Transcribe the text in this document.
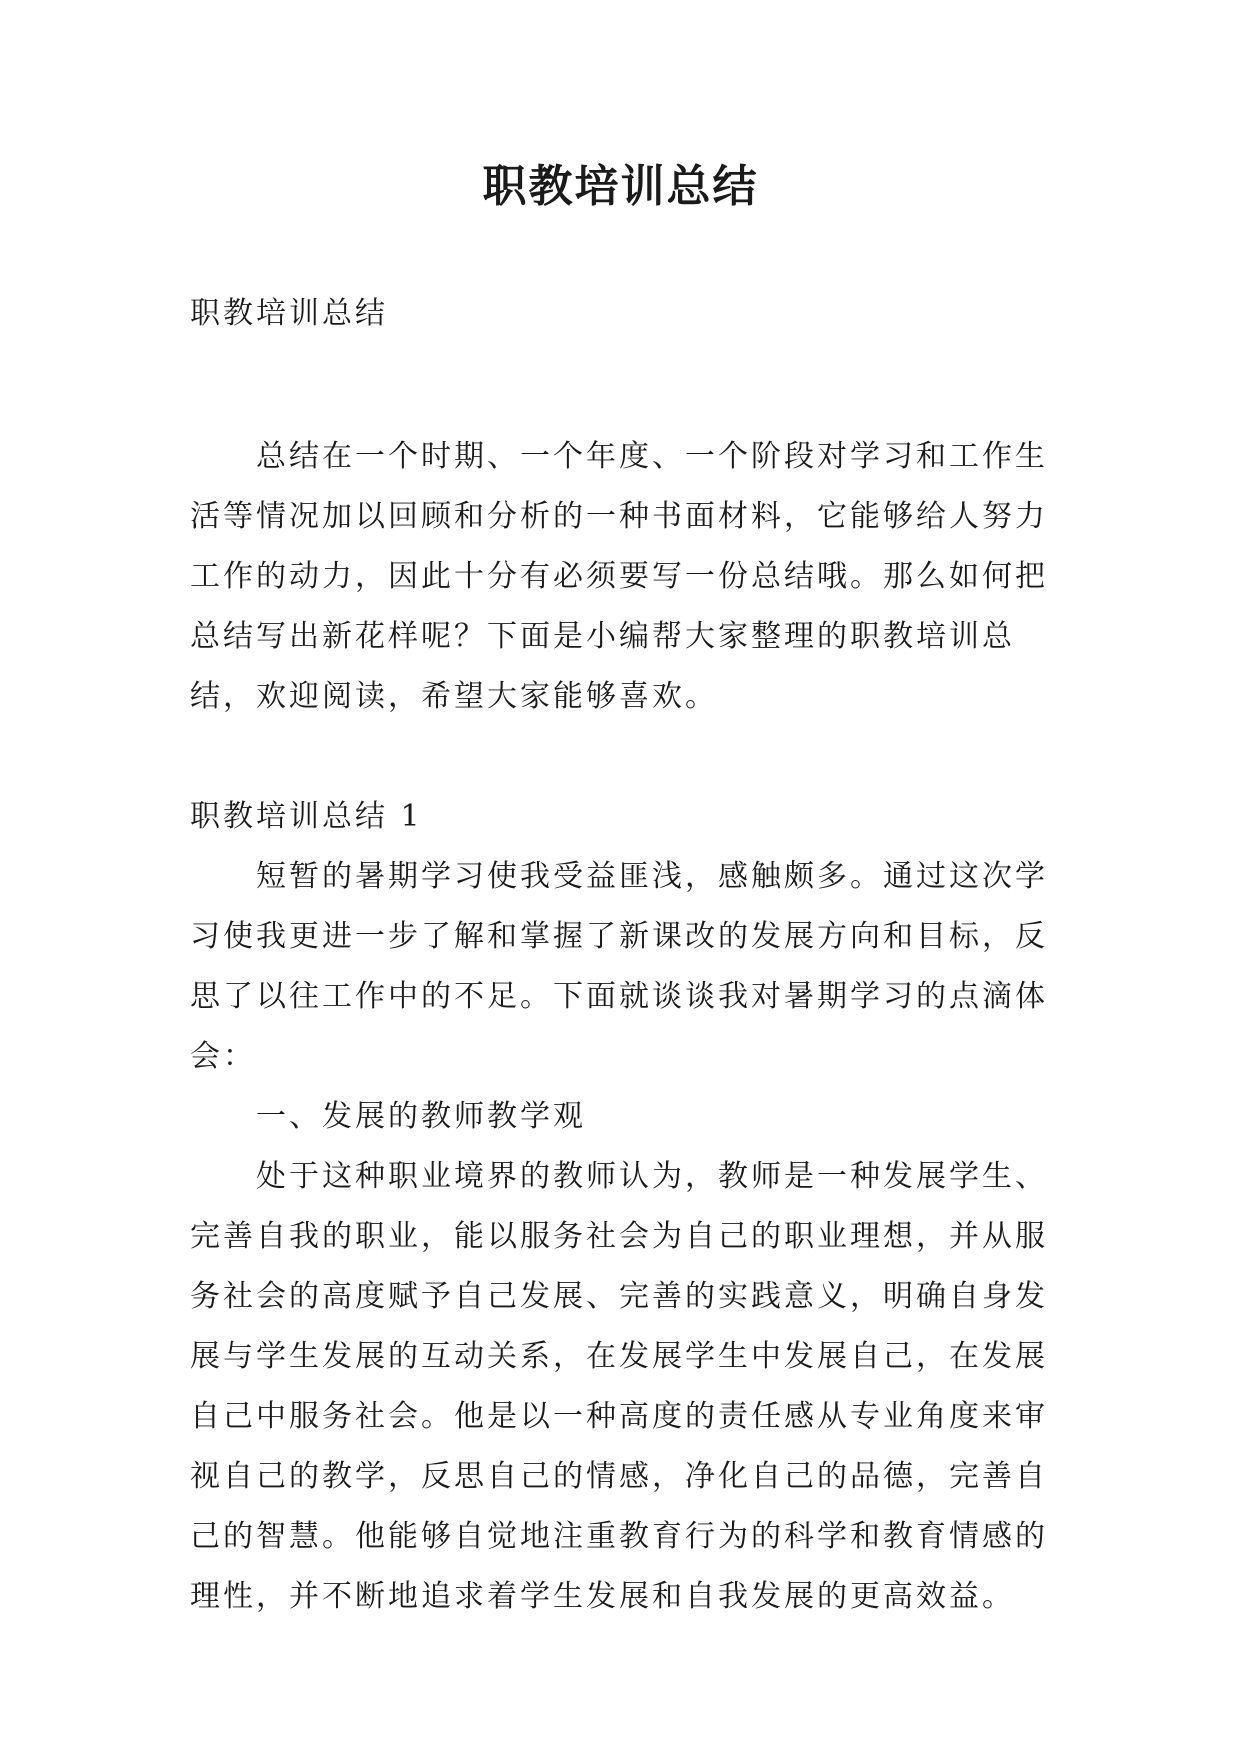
职教培训总结
职教培训总结
总结在一个时期、一个年度、一个阶段对学习和工作生
活等情况加以回顾和分析的一种书面材料，它能够给人努力
工作的动力，因此十分有必须要写一份总结哦。那么如何把
总结写出新花样呢？下面是小编帮大家整理的职教培训总
结，欢迎阅读，希望大家能够喜欢。
职教培训总结 1
短暂的暑期学习使我受益匪浅，感触颇多。通过这次学
习使我更进一步了解和掌握了新课改的发展方向和目标，反
思了以往工作中的不足。下面就谈谈我对暑期学习的点滴体
会：
一、发展的教师教学观
处于这种职业境界的教师认为，教师是一种发展学生、
完善自我的职业，能以服务社会为自己的职业理想，并从服
务社会的高度赋予自己发展、完善的实践意义，明确自身发
展与学生发展的互动关系，在发展学生中发展自己，在发展
自己中服务社会。他是以一种高度的责任感从专业角度来审
视自己的教学，反思自己的情感，净化自己的品德，完善自
己的智慧。他能够自觉地注重教育行为的科学和教育情感的
理性，并不断地追求着学生发展和自我发展的更高效益。
